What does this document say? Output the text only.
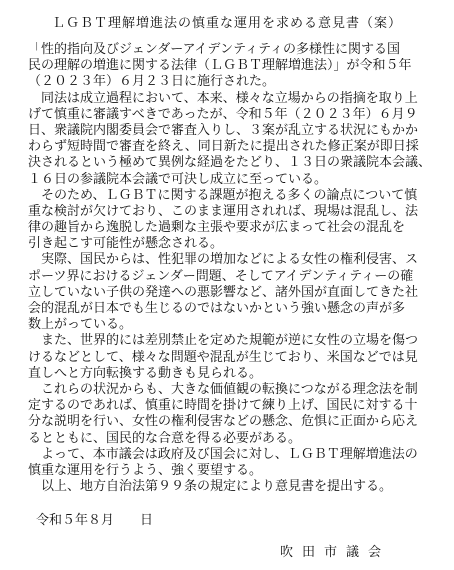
ＬＧＢＴ理解増進法の慎重な運用を求める意見書（案）
「性的指向及びジェンダーアイデンティティの多様性に関する国
民の理解の増進に関する法律（ＬＧＢＴ理解増進法）」が令和５年
（２０２３年）６月２３日に施行された。
　同法は成立過程において、本来、様々な立場からの指摘を取り上
げて慎重に審議すべきであったが、令和５年（２０２３年）６月９
日、衆議院内閣委員会で審査入りし、３案が乱立する状況にもかか
わらず短時間で審査を終え、同日新たに提出された修正案が即日採
決されるという極めて異例な経過をたどり、１３日の衆議院本会議、
１６日の参議院本会議で可決し成立に至っている。
　そのため、ＬＧＢＴに関する課題が抱える多くの論点について慎
重な検討が欠けており、このまま運用されれば、現場は混乱し、法
律の趣旨から逸脱した過剰な主張や要求が広まって社会の混乱を
引き起こす可能性が懸念される。
　実際、国民からは、性犯罪の増加などによる女性の権利侵害、ス
ポーツ界におけるジェンダー問題、そしてアイデンティティーの確
立していない子供の発達への悪影響など、諸外国が直面してきた社
会的混乱が日本でも生じるのではないかという強い懸念の声が多
数上がっている。
　また、世界的には差別禁止を定めた規範が逆に女性の立場を傷つ
けるなどとして、様々な問題や混乱が生じており、米国などでは見
直しへと方向転換する動きも見られる。
　これらの状況からも、大きな価値観の転換につながる理念法を制
定するのであれば、慎重に時間を掛けて練り上げ、国民に対する十
分な説明を行い、女性の権利侵害などの懸念、危惧に正面から応え
るとともに、国民的な合意を得る必要がある。
　よって、本市議会は政府及び国会に対し、ＬＧＢＴ理解増進法の
慎重な運用を行うよう、強く要望する。
　以上、地方自治法第９９条の規定により意見書を提出する。
令和５年８月　　日
吹田市議会
